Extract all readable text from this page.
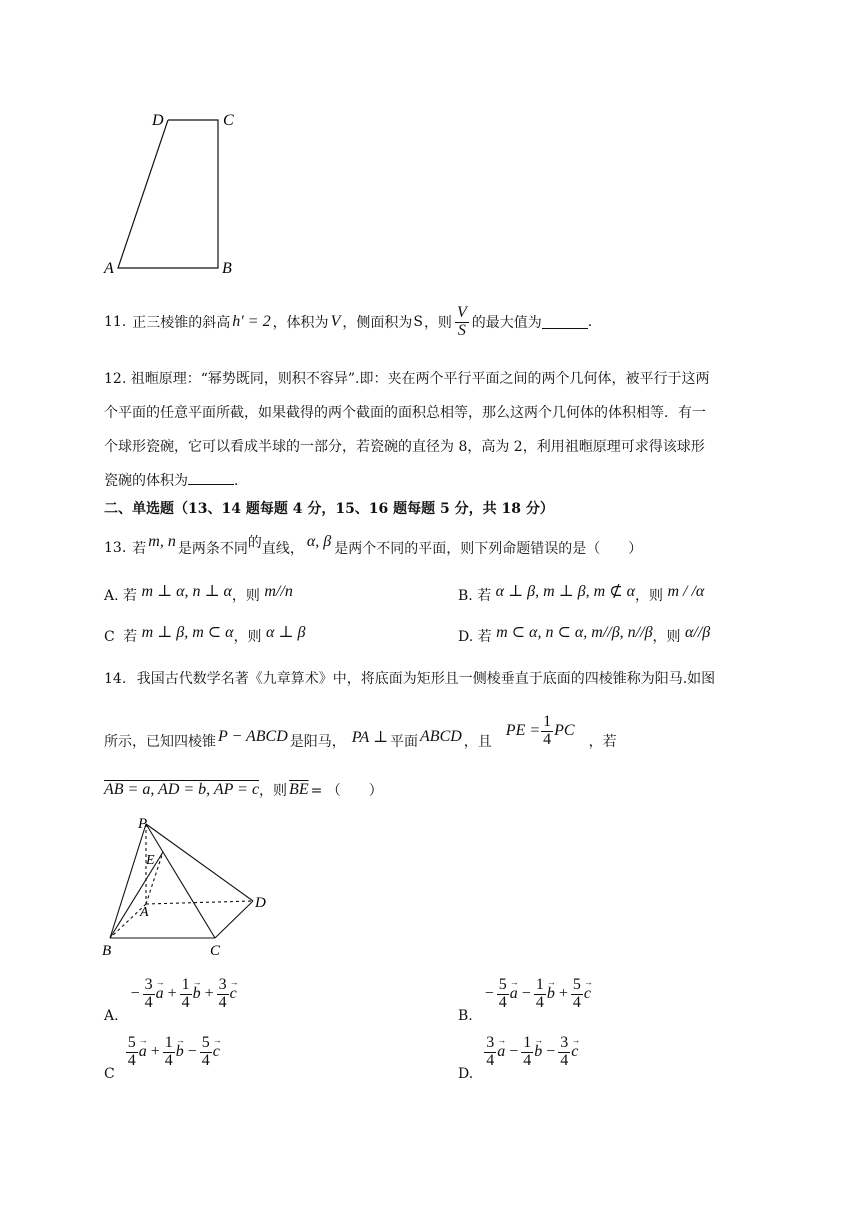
D	C
A	B
11. 正三棱锥的斜高 h′ = 2 ，体积为 V ，侧面积为 S ，则 $\frac{V}{S}$ 的最大值为	.
12. 祖暅原理：“幂势既同，则积不容异”.即：夹在两个平行平面之间的两个几何体，被平行于这两
个平面的任意平面所截，如果截得的两个截面的面积总相等，那么这两个几何体的体积相等．有一
个球形瓷碗，它可以看成半球的一部分，若瓷碗的直径为 8，高为 2，利用祖暅原理可求得该球形
瓷碗的体积为	.
二、单选题（13、14 题每题 4 分，15、16 题每题 5 分，共 18 分）
13. 若 m, n 是两条不同 的 直线， α, β 是两个不同的平面，则下列命题错误的是（　　）
A. 若 m ⊥ α, n ⊥ α，则 m//n	B. 若 α ⊥ β, m ⊥ β, m ⊄ α，则 m / /α
C 若 m ⊥ β, m ⊂ α，则 α ⊥ β	D. 若 m ⊂ α, n ⊂ α, m//β, n//β，则 α//β
14. 我国古代数学名著《九章算术》中，将底面为矩形且一侧棱垂直于底面的四棱锥称为阳马.如图
所示，已知四棱锥 P − ABCD 是阳马， PA ⊥ 平面 ABCD ，且
PE = $\frac{1}{4}$ PC
，若
AB = a, AD = b, AP = c ，则 $\overline{BE}$ = （　　）
P
E
A
D
B	C
A.
− $\frac{3}{4}$ a
→
+ $\frac{1}{4}$ b
→
+ $\frac{3}{4}$ c
→
B.
− $\frac{5}{4}$ a
→
− $\frac{1}{4}$ b
→
+ $\frac{5}{4}$ c
→
C
$\frac{5}{4}$ a
→
+ $\frac{1}{4}$ b
→
− $\frac{5}{4}$ c
→
D.
$\frac{3}{4}$ a
→
− $\frac{1}{4}$ b
→
− $\frac{3}{4}$ c
→
